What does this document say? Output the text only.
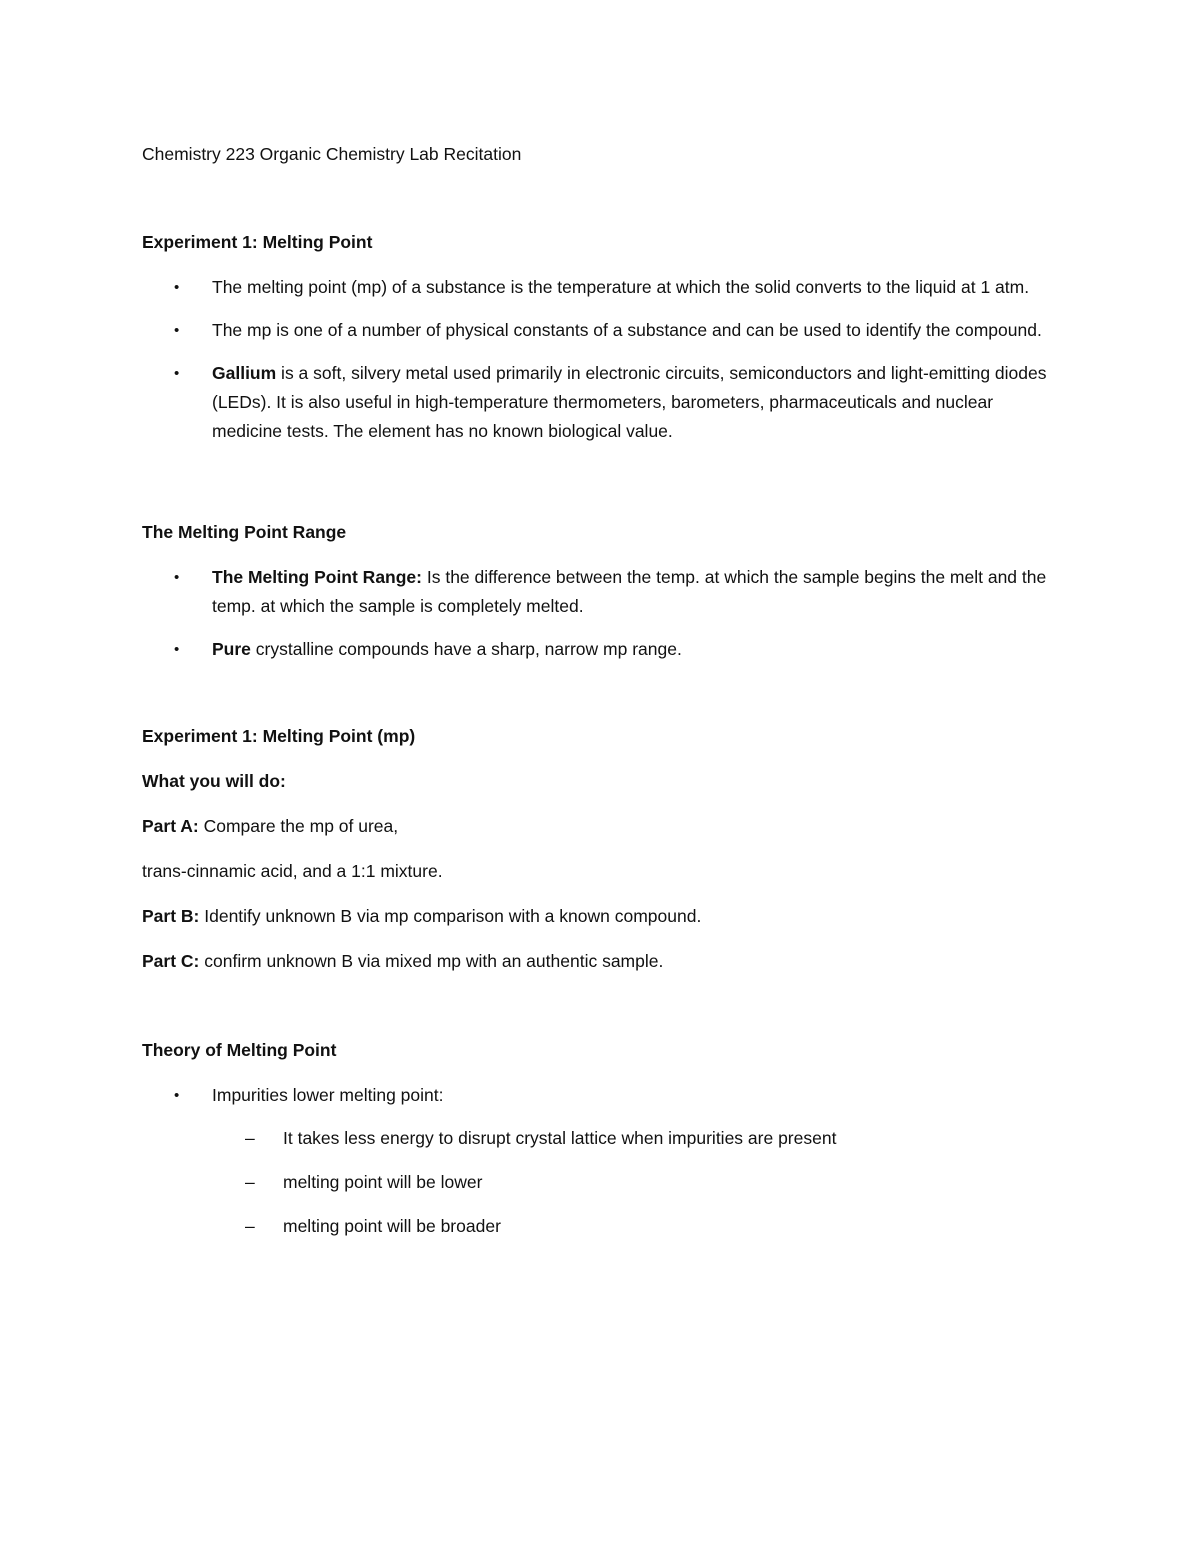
Chemistry 223 Organic Chemistry Lab Recitation

Experiment 1: Melting Point

• The melting point (mp) of a substance is the temperature at which the solid converts to the liquid at 1 atm.
• The mp is one of a number of physical constants of a substance and can be used to identify the compound.
• Gallium is a soft, silvery metal used primarily in electronic circuits, semiconductors and light-emitting diodes (LEDs). It is also useful in high-temperature thermometers, barometers, pharmaceuticals and nuclear medicine tests. The element has no known biological value.

The Melting Point Range

• The Melting Point Range: Is the difference between the temp. at which the sample begins the melt and the temp. at which the sample is completely melted.
• Pure crystalline compounds have a sharp, narrow mp range.

Experiment 1: Melting Point (mp)

What you will do:

Part A: Compare the mp of urea,

trans-cinnamic acid, and a 1:1 mixture.

Part B: Identify unknown B via mp comparison with a known compound.

Part C: confirm unknown B via mixed mp with an authentic sample.

Theory of Melting Point

• Impurities lower melting point:
– It takes less energy to disrupt crystal lattice when impurities are present
– melting point will be lower
– melting point will be broader
